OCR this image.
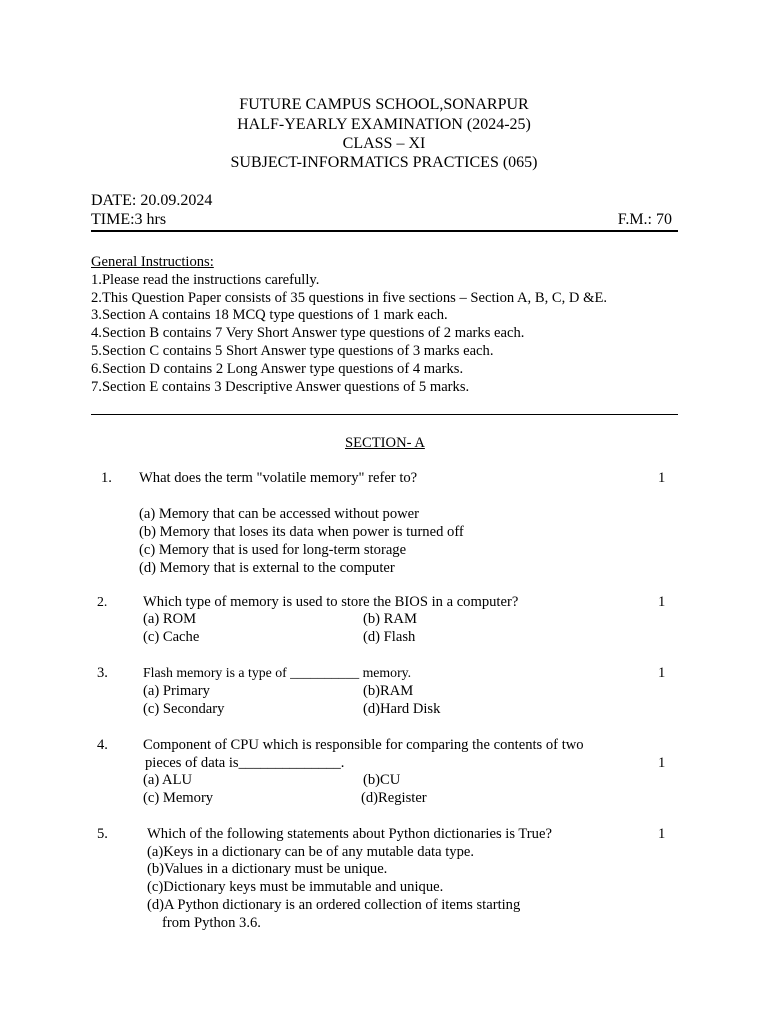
FUTURE CAMPUS SCHOOL,SONARPUR
HALF-YEARLY EXAMINATION (2024-25)
CLASS – XI
SUBJECT-INFORMATICS PRACTICES (065)
DATE: 20.09.2024
TIME:3 hrs	F.M.: 70
General Instructions:
1.Please read the instructions carefully.
2.This Question Paper consists of 35 questions in five sections – Section A, B, C, D &E.
3.Section A contains 18 MCQ type questions of 1 mark each.
4.Section B contains 7 Very Short Answer type questions of 2 marks each.
5.Section C contains 5 Short Answer type questions of 3 marks each.
6.Section D contains 2 Long Answer type questions of 4 marks.
7.Section E contains 3 Descriptive Answer questions of 5 marks.
SECTION- A
1. What does the term "volatile memory" refer to?	1
(a) Memory that can be accessed without power
(b) Memory that loses its data when power is turned off
(c) Memory that is used for long-term storage
(d) Memory that is external to the computer
2. Which type of memory is used to store the BIOS in a computer?	1
(a) ROM	(b) RAM
(c) Cache	(d) Flash
3.	Flash memory is a type of __________ memory.	1
(a) Primary	(b)RAM
(c) Secondary	(d)Hard Disk
4. Component of CPU which is responsible for comparing the contents of two
pieces of data is______________.	1
(a) ALU	(b)CU
(c) Memory	(d)Register
5.	Which of the following statements about Python dictionaries is True?	1
(a)Keys in a dictionary can be of any mutable data type.
(b)Values in a dictionary must be unique.
(c)Dictionary keys must be immutable and unique.
(d)A Python dictionary is an ordered collection of items starting
from Python 3.6.
